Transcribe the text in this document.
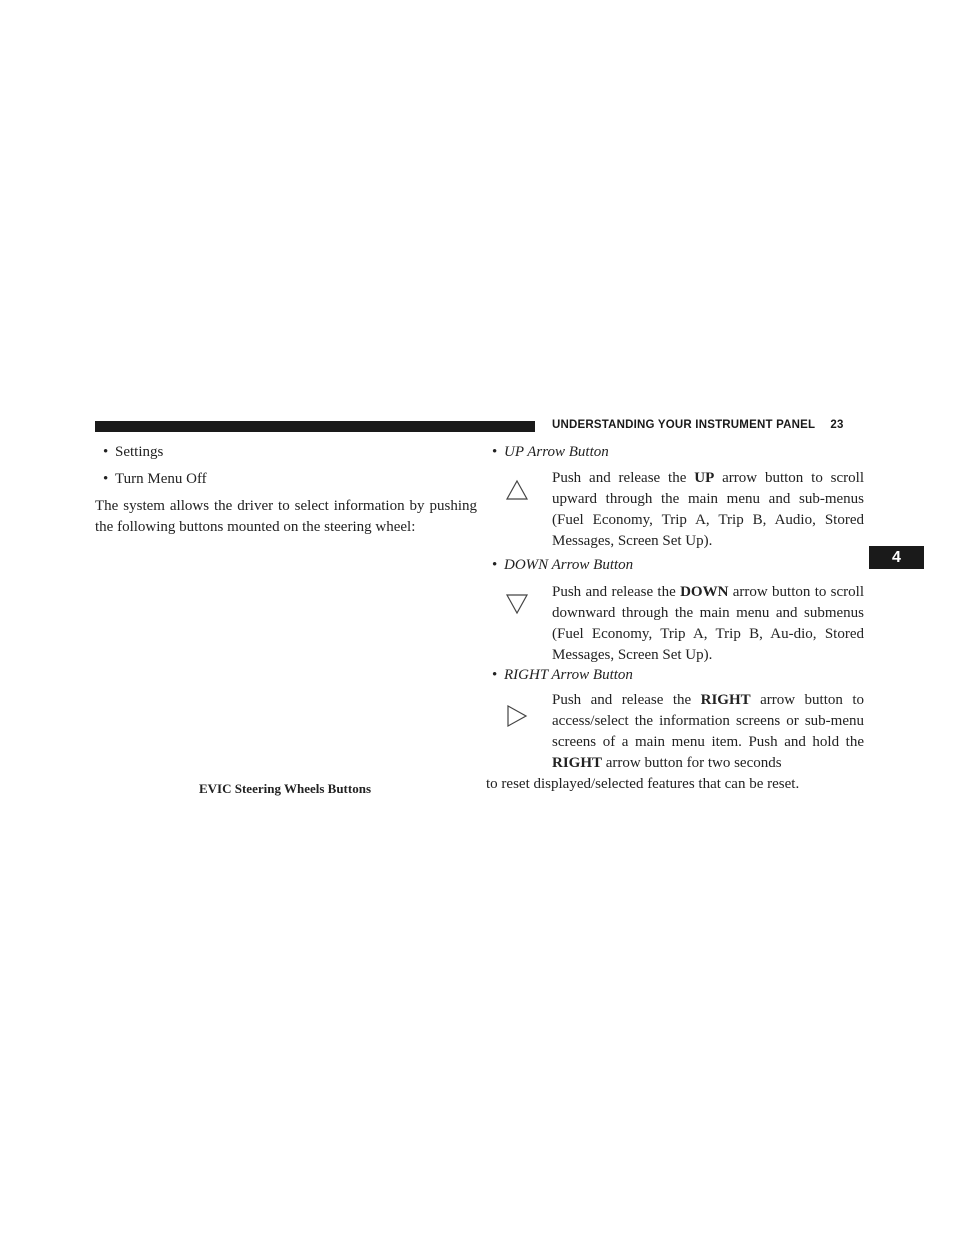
UNDERSTANDING YOUR INSTRUMENT PANEL 23
4
• Settings
• Turn Menu Off
The system allows the driver to select information by pushing the following buttons mounted on the steering wheel:
EVIC Steering Wheels Buttons
• UP Arrow Button
Push and release the UP arrow button to scroll upward through the main menu and sub-menus (Fuel Economy, Trip A, Trip B, Audio, Stored Messages, Screen Set Up).
• DOWN Arrow Button
Push and release the DOWN arrow button to scroll downward through the main menu and submenus (Fuel Economy, Trip A, Trip B, Au-dio, Stored Messages, Screen Set Up).
• RIGHT Arrow Button
Push and release the RIGHT arrow button to access/select the information screens or sub-menu screens of a main menu item. Push and hold the RIGHT arrow button for two seconds
to reset displayed/selected features that can be reset.
